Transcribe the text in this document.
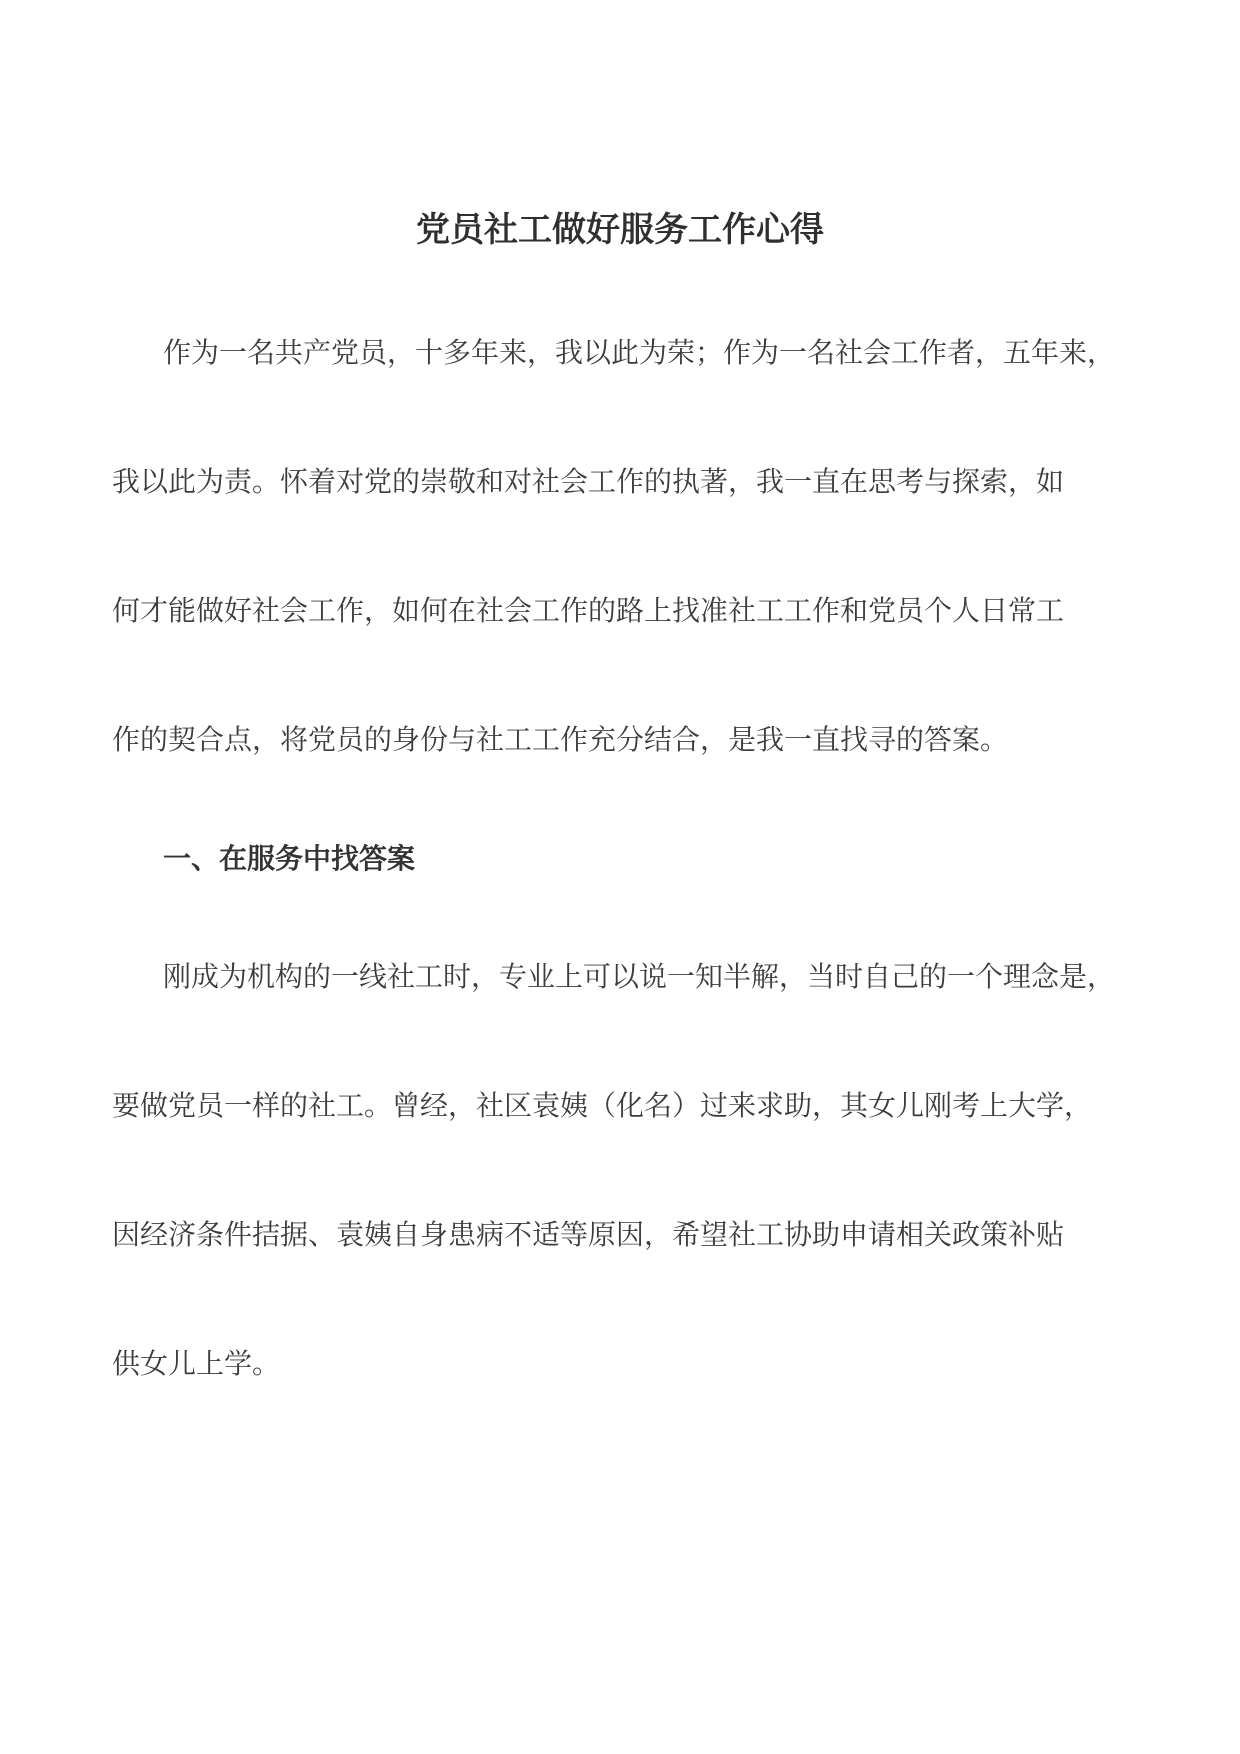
党员社工做好服务工作心得
作为一名共产党员，十多年来，我以此为荣；作为一名社会工作者，五年来，
我以此为责。怀着对党的崇敬和对社会工作的执著，我一直在思考与探索，如
何才能做好社会工作，如何在社会工作的路上找准社工工作和党员个人日常工
作的契合点，将党员的身份与社工工作充分结合，是我一直找寻的答案。
一、在服务中找答案
刚成为机构的一线社工时，专业上可以说一知半解，当时自己的一个理念是，
要做党员一样的社工。曾经，社区袁姨（化名）过来求助，其女儿刚考上大学，
因经济条件拮据、袁姨自身患病不适等原因，希望社工协助申请相关政策补贴
供女儿上学。
